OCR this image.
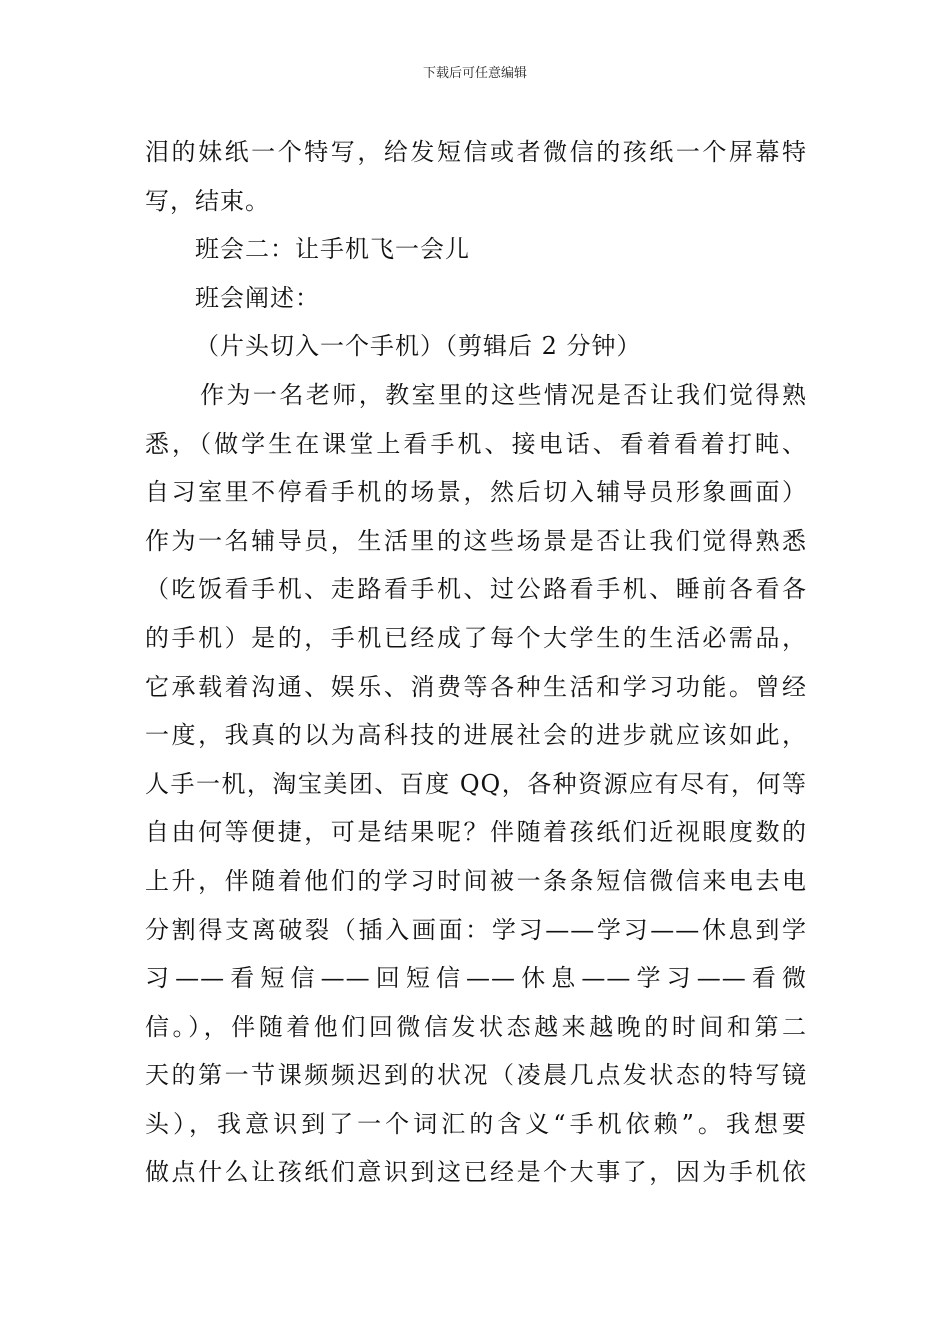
下载后可任意编辑

泪的妹纸一个特写，给发短信或者微信的孩纸一个屏幕特

写，结束。

班会二：让手机飞一会儿

班会阐述：

（片头切入一个手机）（剪辑后 2 分钟）

作为一名老师，教室里的这些情况是否让我们觉得熟

悉，（做学生在课堂上看手机、接电话、看着看着打盹、

自习室里不停看手机的场景，然后切入辅导员形象画面）

作为一名辅导员，生活里的这些场景是否让我们觉得熟悉

（吃饭看手机、走路看手机、过公路看手机、睡前各看各

的手机）是的，手机已经成了每个大学生的生活必需品，

它承载着沟通、娱乐、消费等各种生活和学习功能。曾经

一度，我真的以为高科技的进展社会的进步就应该如此，

人手一机，淘宝美团、百度 QQ，各种资源应有尽有，何等

自由何等便捷，可是结果呢？伴随着孩纸们近视眼度数的

上升，伴随着他们的学习时间被一条条短信微信来电去电

分割得支离破裂（插入画面：学习——学习——休息到学

习——看短信——回短信——休息——学习——看微

信。），伴随着他们回微信发状态越来越晚的时间和第二

天的第一节课频频迟到的状况（凌晨几点发状态的特写镜

头），我意识到了一个词汇的含义“手机依赖”。我想要

做点什么让孩纸们意识到这已经是个大事了，因为手机依
